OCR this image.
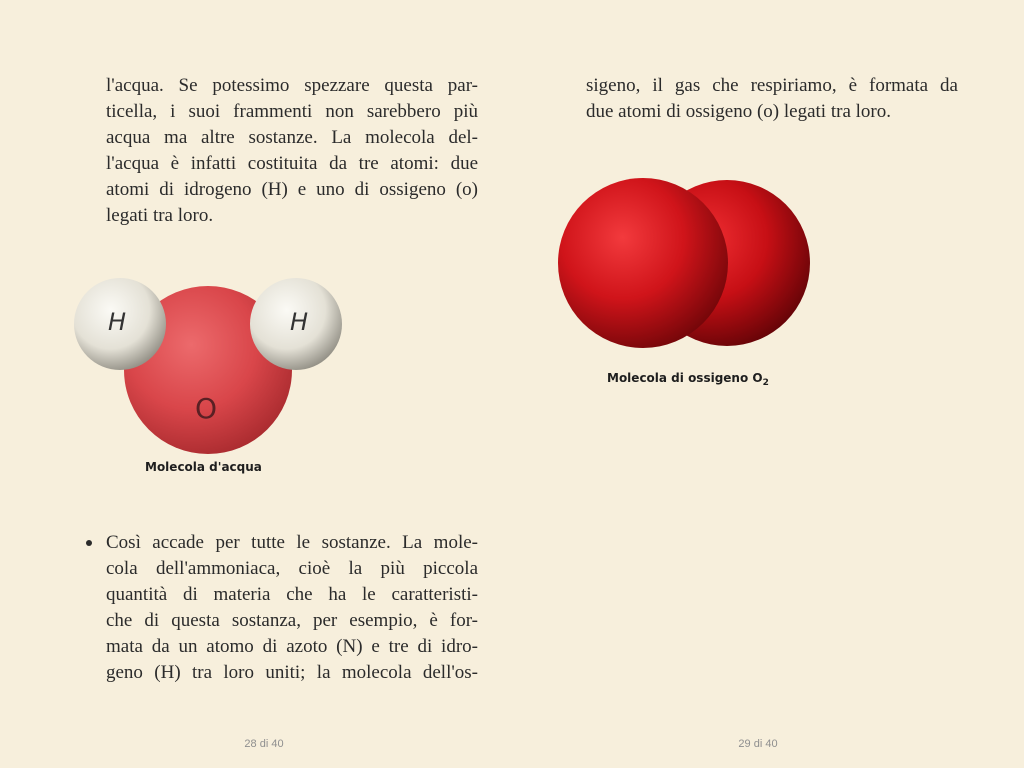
l'acqua. Se potessimo spezzare questa par-
ticella, i suoi frammenti non sarebbero più
acqua ma altre sostanze. La molecola del-
l'acqua è infatti costituita da tre atomi: due
atomi di idrogeno (H) e uno di ossigeno (o)
legati tra loro.
H	H
O
Molecola d'acqua
Così accade per tutte le sostanze. La mole-
cola dell'ammoniaca, cioè la più piccola
quantità di materia che ha le caratteristi-
che di questa sostanza, per esempio, è for-
mata da un atomo di azoto (N) e tre di idro-
geno (H) tra loro uniti; la molecola dell'os-
28 di 40
sigeno, il gas che respiriamo, è formata da
due atomi di ossigeno (o) legati tra loro.
29 di 40
Molecola di ossigeno $O_2$
